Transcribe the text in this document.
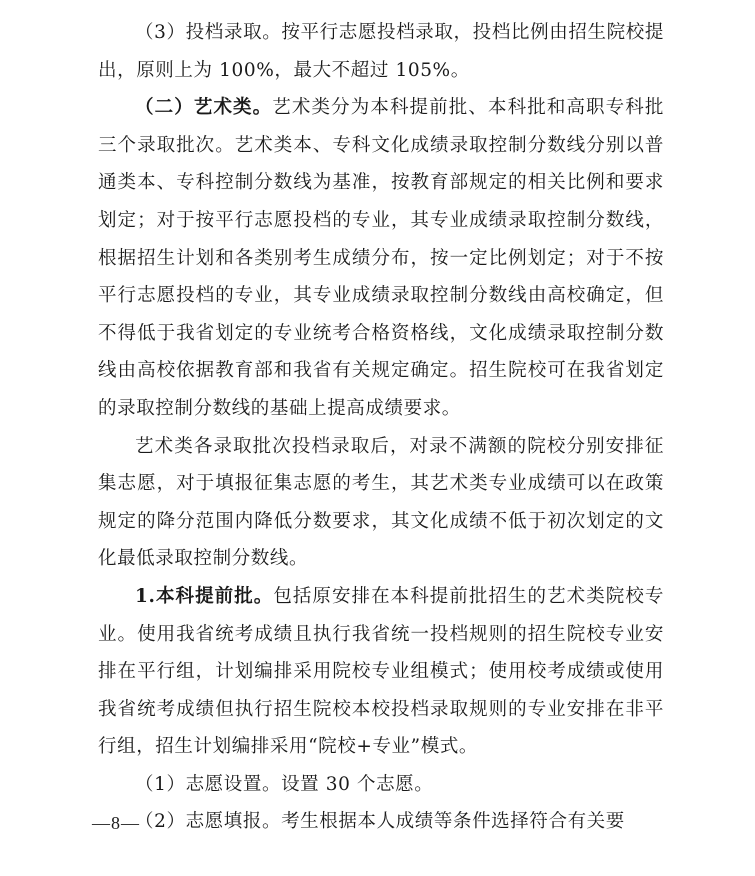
（3）投档录取。按平行志愿投档录取，投档比例由招生院校提出，原则上为 100%，最大不超过 105%。

（二）艺术类。艺术类分为本科提前批、本科批和高职专科批三个录取批次。艺术类本、专科文化成绩录取控制分数线分别以普通类本、专科控制分数线为基准，按教育部规定的相关比例和要求划定；对于按平行志愿投档的专业，其专业成绩录取控制分数线，根据招生计划和各类别考生成绩分布，按一定比例划定；对于不按平行志愿投档的专业，其专业成绩录取控制分数线由高校确定，但不得低于我省划定的专业统考合格资格线，文化成绩录取控制分数线由高校依据教育部和我省有关规定确定。招生院校可在我省划定的录取控制分数线的基础上提高成绩要求。

艺术类各录取批次投档录取后，对录不满额的院校分别安排征集志愿，对于填报征集志愿的考生，其艺术类专业成绩可以在政策规定的降分范围内降低分数要求，其文化成绩不低于初次划定的文化最低录取控制分数线。

1.本科提前批。包括原安排在本科提前批招生的艺术类院校专业。使用我省统考成绩且执行我省统一投档规则的招生院校专业安排在平行组，计划编排采用院校专业组模式；使用校考成绩或使用我省统考成绩但执行招生院校本校投档录取规则的专业安排在非平行组，招生计划编排采用“院校+专业”模式。

（1）志愿设置。设置 30 个志愿。

（2）志愿填报。考生根据本人成绩等条件选择符合有关要

—8—
